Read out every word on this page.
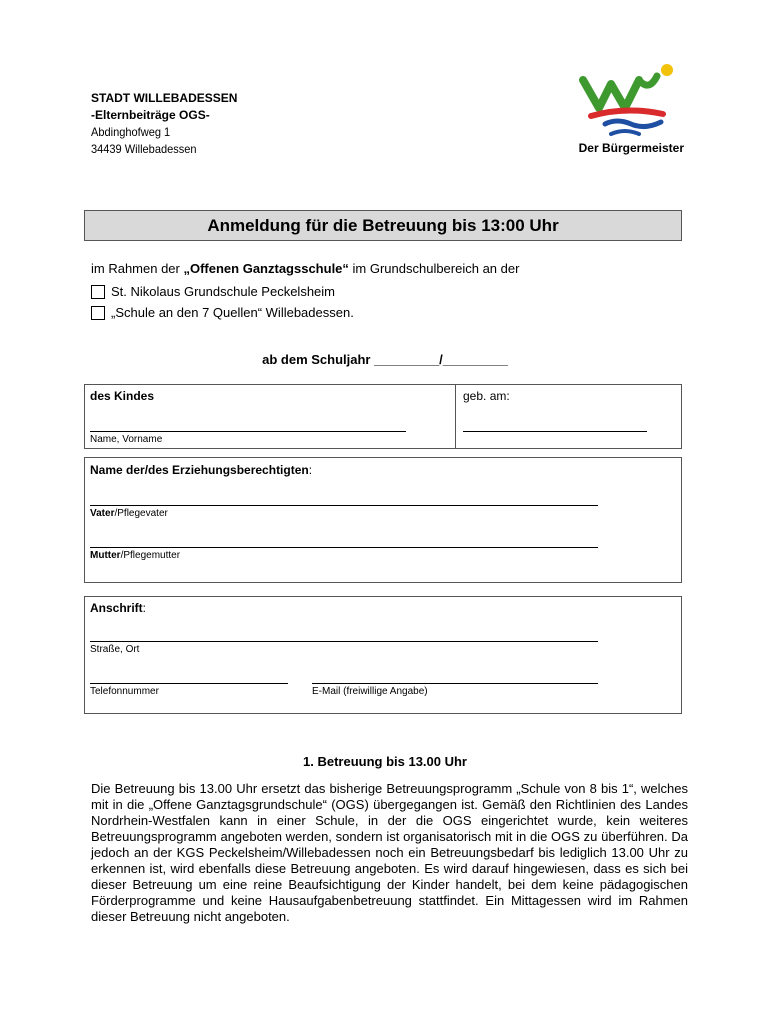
STADT WILLEBADESSEN
-Elternbeiträge OGS-
Abdinghofweg 1
34439 Willebadessen	Der Bürgermeister
Anmeldung für die Betreuung bis 13:00 Uhr
im Rahmen der „Offenen Ganztagsschule“ im Grundschulbereich an der
St. Nikolaus Grundschule Peckelsheim
„Schule an den 7 Quellen“ Willebadessen.
ab dem Schuljahr _________/_________
des Kindes
Name, Vorname
geb. am:
Name der/des Erziehungsberechtigten:
Vater/Pflegevater
Mutter/Pflegemutter
Anschrift:
Straße, Ort
Telefonnummer	E-Mail (freiwillige Angabe)
1. Betreuung bis 13.00 Uhr
Die Betreuung bis 13.00 Uhr ersetzt das bisherige Betreuungsprogramm „Schule von 8 bis 1“, welches mit in die „Offene Ganztagsgrundschule“ (OGS) übergegangen ist. Gemäß den Richtlinien des Landes Nordrhein-Westfalen kann in einer Schule, in der die OGS eingerichtet wurde, kein weiteres Betreuungsprogramm angeboten werden, sondern ist organisatorisch mit in die OGS zu überführen. Da jedoch an der KGS Peckelsheim/Willebadessen noch ein Betreuungsbedarf bis lediglich 13.00 Uhr zu erkennen ist, wird ebenfalls diese Betreuung angeboten. Es wird darauf hingewiesen, dass es sich bei dieser Betreuung um eine reine Beaufsichtigung der Kinder handelt, bei dem keine pädagogischen Förderprogramme und keine Hausaufgabenbetreuung stattfindet. Ein Mittagessen wird im Rahmen dieser Betreuung nicht angeboten.
